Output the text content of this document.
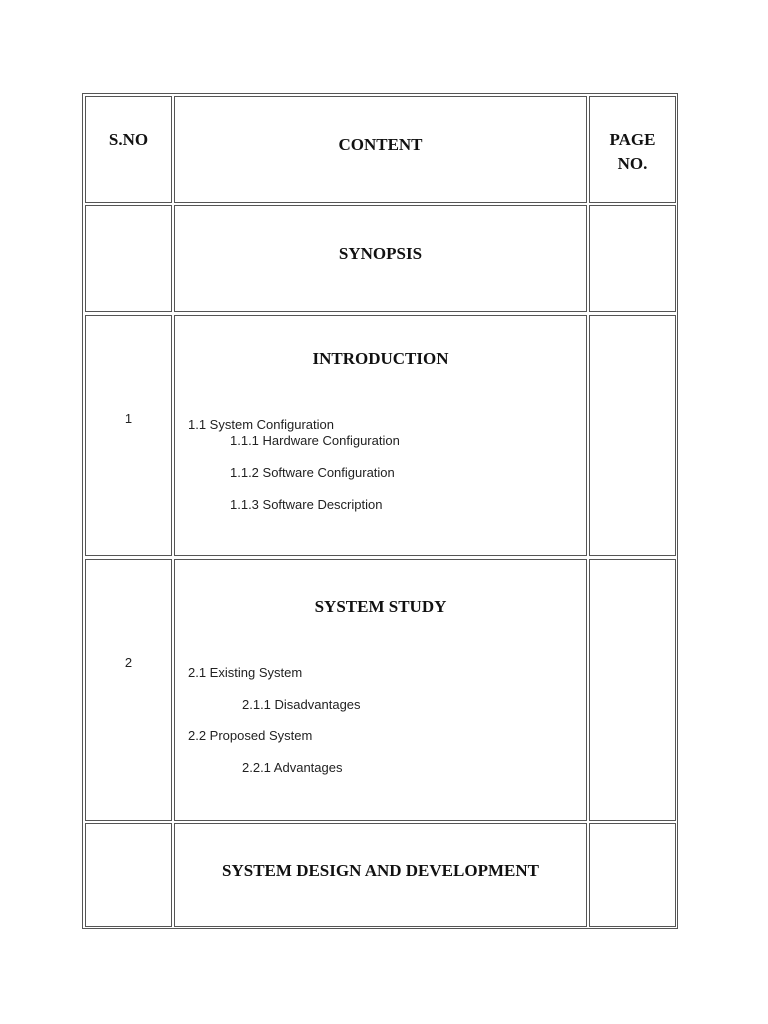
S.NO	CONTENT	PAGE
NO.
SYNOPSIS
1
INTRODUCTION
1.1 System Configuration
1.1.1 Hardware Configuration
1.1.2 Software Configuration
1.1.3 Software Description
2
SYSTEM STUDY
2.1 Existing System
2.1.1 Disadvantages
2.2 Proposed System
2.2.1 Advantages
SYSTEM DESIGN AND DEVELOPMENT
